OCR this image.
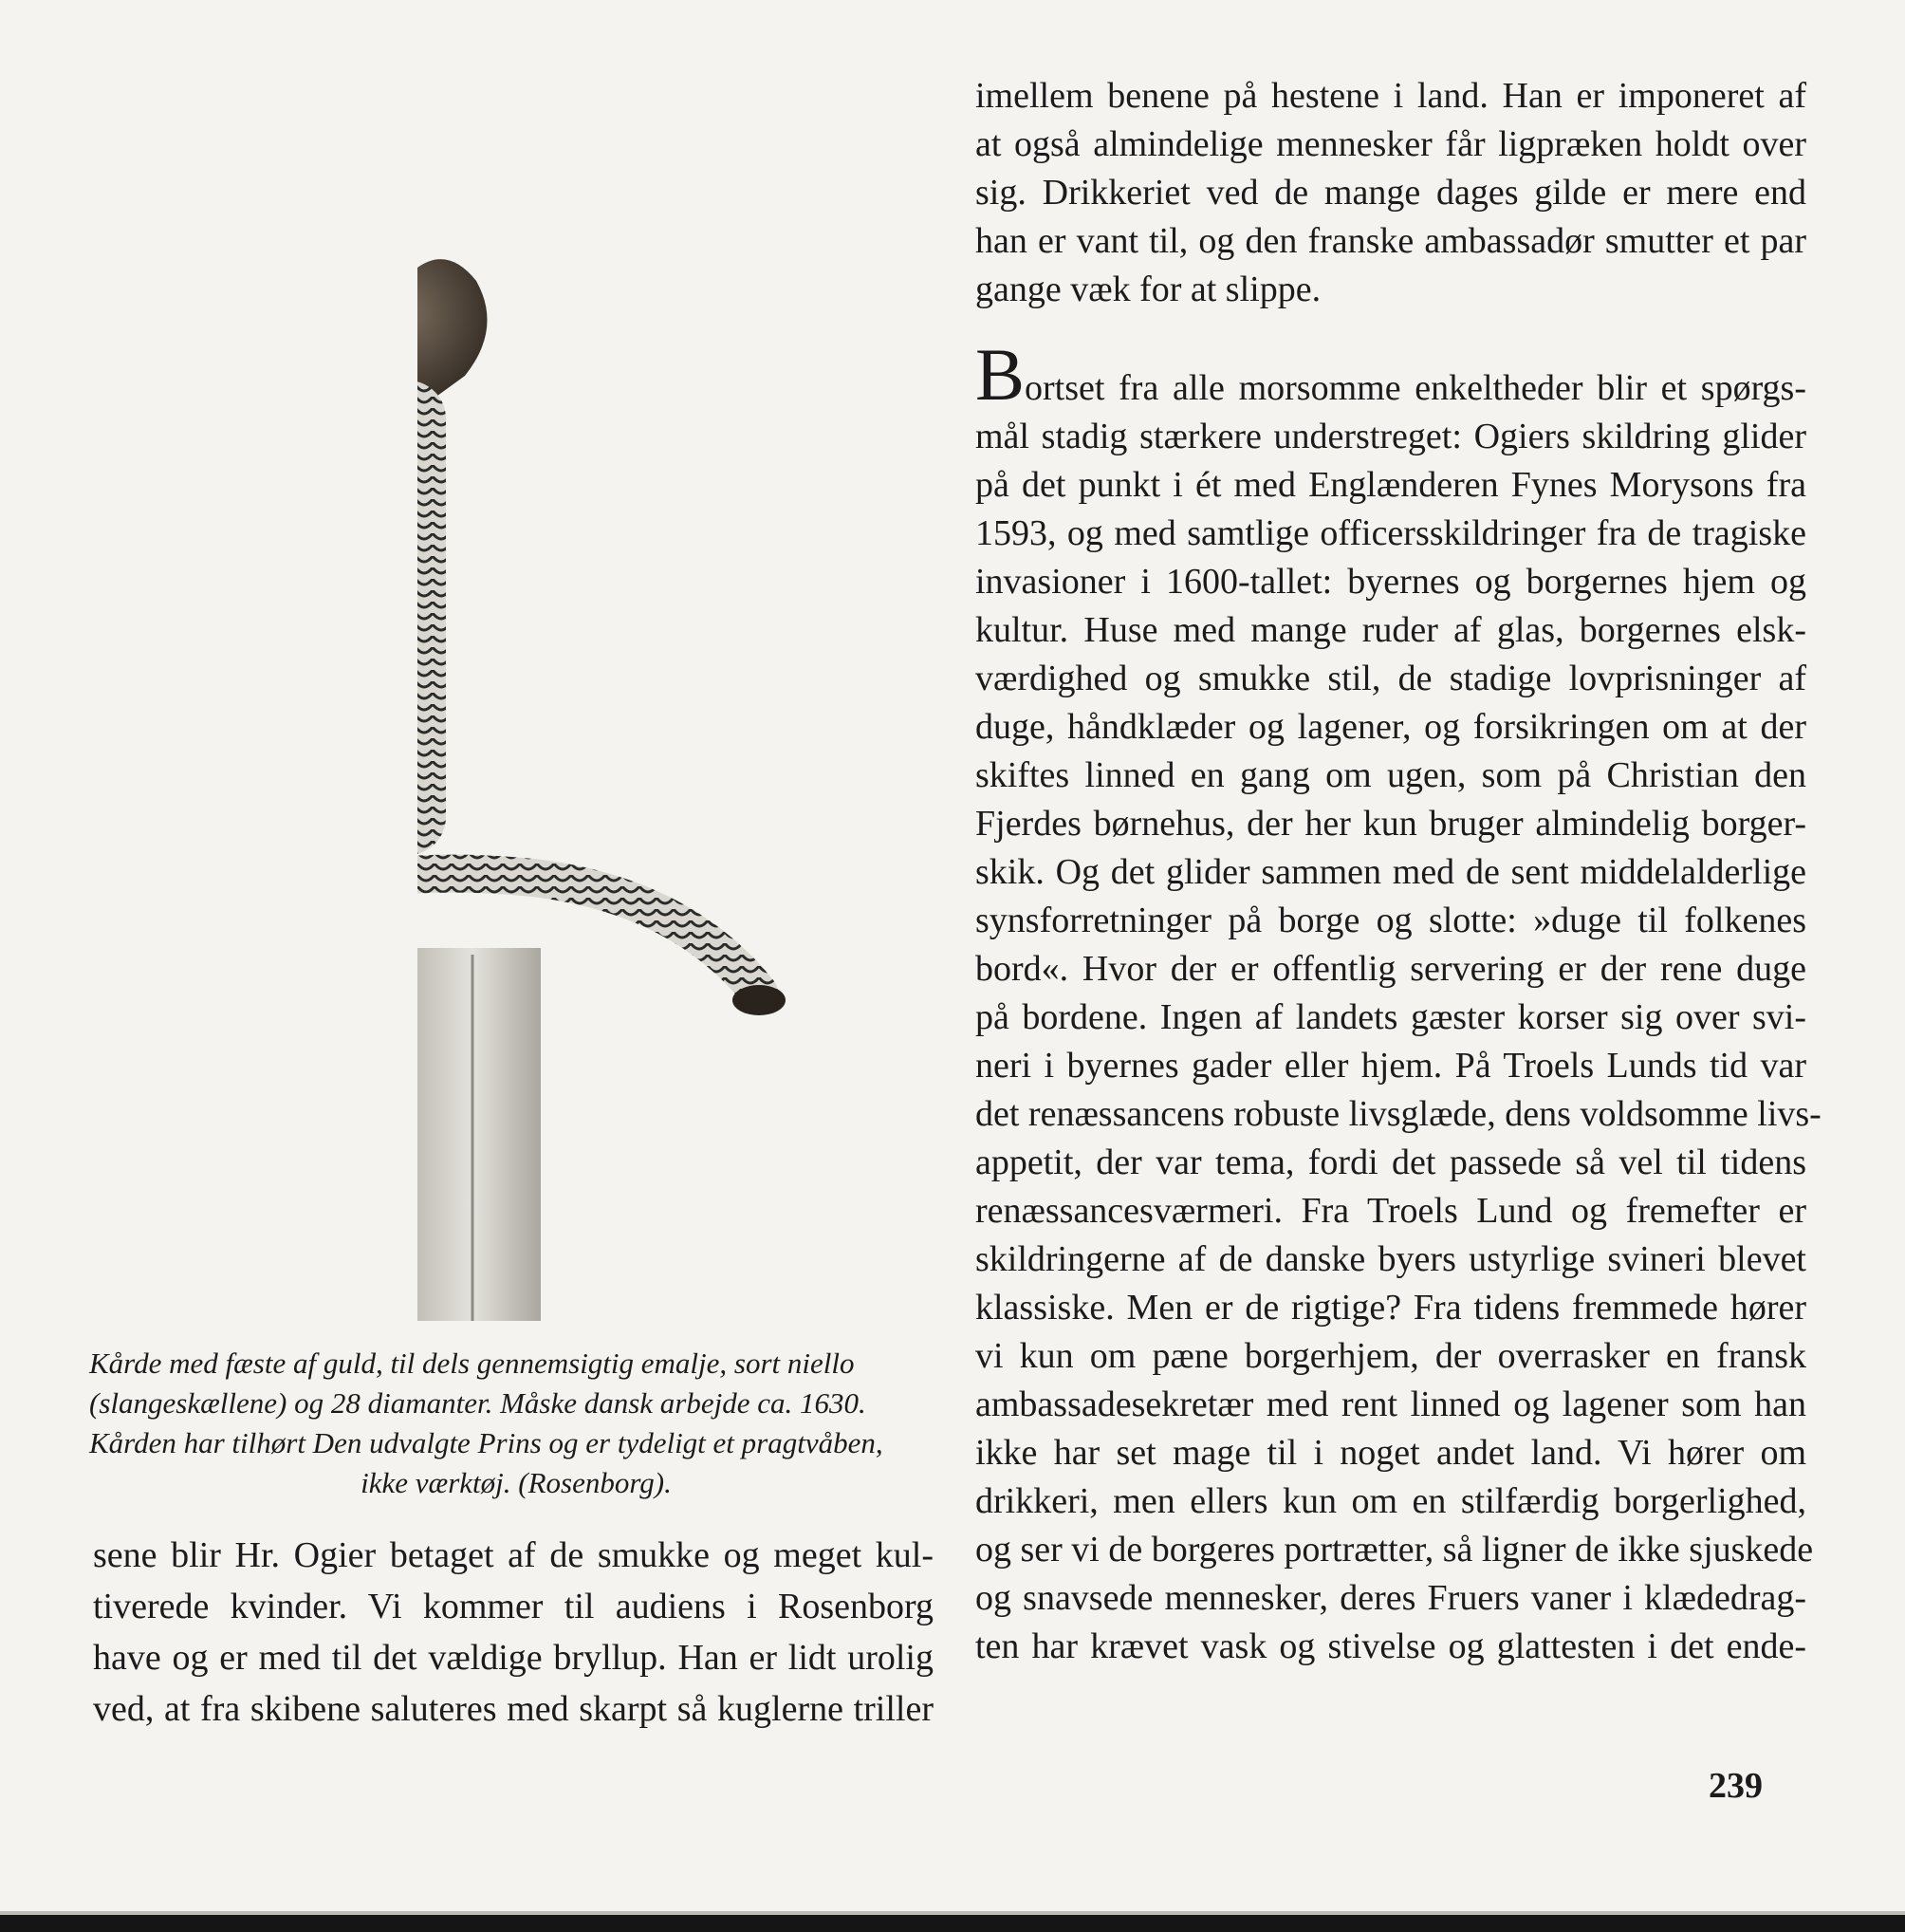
Kårde med fæste af guld, til dels gennemsigtig emalje, sort niello
(slangeskællene) og 28 diamanter. Måske dansk arbejde ca. 1630.
Kården har tilhørt Den udvalgte Prins og er tydeligt et pragtvåben,
ikke værktøj. (Rosenborg).
sene blir Hr. Ogier betaget af de smukke og meget kul-
tiverede kvinder. Vi kommer til audiens i Rosenborg
have og er med til det vældige bryllup. Han er lidt urolig
ved, at fra skibene saluteres med skarpt så kuglerne triller
imellem benene på hestene i land. Han er imponeret af
at også almindelige mennesker får ligpræken holdt over
sig. Drikkeriet ved de mange dages gilde er mere end
han er vant til, og den franske ambassadør smutter et par
gange væk for at slippe.
Bortset fra alle morsomme enkeltheder blir et spørgs-
mål stadig stærkere understreget: Ogiers skildring glider
på det punkt i ét med Englænderen Fynes Morysons fra
1593, og med samtlige officersskildringer fra de tragiske
invasioner i 1600-tallet: byernes og borgernes hjem og
kultur. Huse med mange ruder af glas, borgernes elsk-
værdighed og smukke stil, de stadige lovprisninger af
duge, håndklæder og lagener, og forsikringen om at der
skiftes linned en gang om ugen, som på Christian den
Fjerdes børnehus, der her kun bruger almindelig borger-
skik. Og det glider sammen med de sent middelalderlige
synsforretninger på borge og slotte: »duge til folkenes
bord«. Hvor der er offentlig servering er der rene duge
på bordene. Ingen af landets gæster korser sig over svi-
neri i byernes gader eller hjem. På Troels Lunds tid var
det renæssancens robuste livsglæde, dens voldsomme livs-
appetit, der var tema, fordi det passede så vel til tidens
renæssancesværmeri. Fra Troels Lund og fremefter er
skildringerne af de danske byers ustyrlige svineri blevet
klassiske. Men er de rigtige? Fra tidens fremmede hører
vi kun om pæne borgerhjem, der overrasker en fransk
ambassadesekretær med rent linned og lagener som han
ikke har set mage til i noget andet land. Vi hører om
drikkeri, men ellers kun om en stilfærdig borgerlighed,
og ser vi de borgeres portrætter, så ligner de ikke sjuskede
og snavsede mennesker, deres Fruers vaner i klædedrag-
ten har krævet vask og stivelse og glattesten i det ende-
239
